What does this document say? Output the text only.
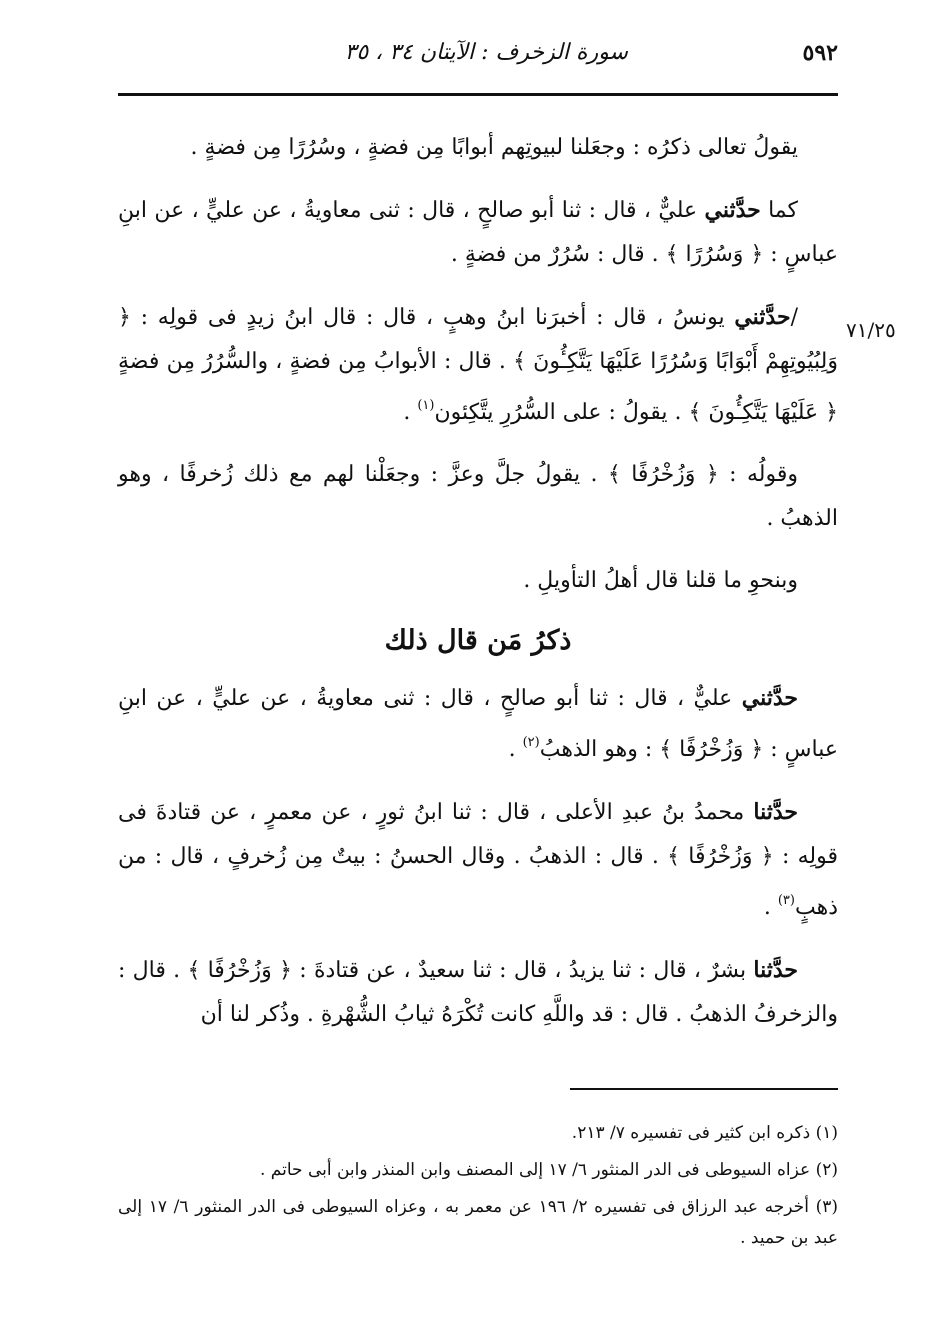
٥٩٢
سورة الزخرف : الآيتان ٣٤ ، ٣٥
٧١/٢٥

يقولُ تعالى ذكرُه : وجعَلنا لبيوتِهم أبوابًا مِن فضةٍ ، وسُرُرًا مِن فضةٍ .

كما حدَّثني عليٌّ ، قال : ثنا أبو صالحٍ ، قال : ثنى معاويةُ ، عن عليٍّ ، عن ابنِ عباسٍ : ﴿ وَسُرُرًا ﴾ . قال : سُرُرٌ من فضةٍ .

/حدَّثني يونسُ ، قال : أخبرَنا ابنُ وهبٍ ، قال : قال ابنُ زيدٍ فى قولِه : ﴿ وَلِبُيُوتِهِمْ أَبْوَابًا وَسُرُرًا عَلَيْهَا يَتَّكِـُٔونَ ﴾ . قال : الأبوابُ مِن فضةٍ ، والسُّرُرُ مِن فضةٍ ﴿ عَلَيْهَا يَتَّكِـُٔونَ ﴾ . يقولُ : على السُّرُرِ يتَّكِئون$^{(١)}$ .

وقولُه : ﴿ وَزُخْرُفًا ﴾ . يقولُ جلَّ وعزَّ : وجعَلْنا لهم مع ذلك زُخرفًا ، وهو الذهبُ .

وبنحوِ ما قلنا قال أهلُ التأويلِ .

ذكرُ مَن قال ذلك

حدَّثني عليٌّ ، قال : ثنا أبو صالحٍ ، قال : ثنى معاويةُ ، عن عليٍّ ، عن ابنِ عباسٍ : ﴿ وَزُخْرُفًا ﴾ : وهو الذهبُ$^{(٢)}$ .

حدَّثنا محمدُ بنُ عبدِ الأعلى ، قال : ثنا ابنُ ثورٍ ، عن معمرٍ ، عن قتادةَ فى قولِه : ﴿ وَزُخْرُفًا ﴾ . قال : الذهبُ . وقال الحسنُ : بيتٌ مِن زُخرفٍ ، قال : من ذهبٍ$^{(٣)}$ .

حدَّثنا بشرٌ ، قال : ثنا يزيدُ ، قال : ثنا سعيدٌ ، عن قتادةَ : ﴿ وَزُخْرُفًا ﴾ . قال : والزخرفُ الذهبُ . قال : قد واللَّهِ كانت تُكْرَهُ ثيابُ الشُّهْرةِ . وذُكر لنا أن

(١) ذكره ابن كثير فى تفسيره ٧/ ٢١٣.

(٢) عزاه السيوطى فى الدر المنثور ٦/ ١٧ إلى المصنف وابن المنذر وابن أبى حاتم .

(٣) أخرجه عبد الرزاق فى تفسيره ٢/ ١٩٦ عن معمر به ، وعزاه السيوطى فى الدر المنثور ٦/ ١٧ إلى عبد بن حميد .
